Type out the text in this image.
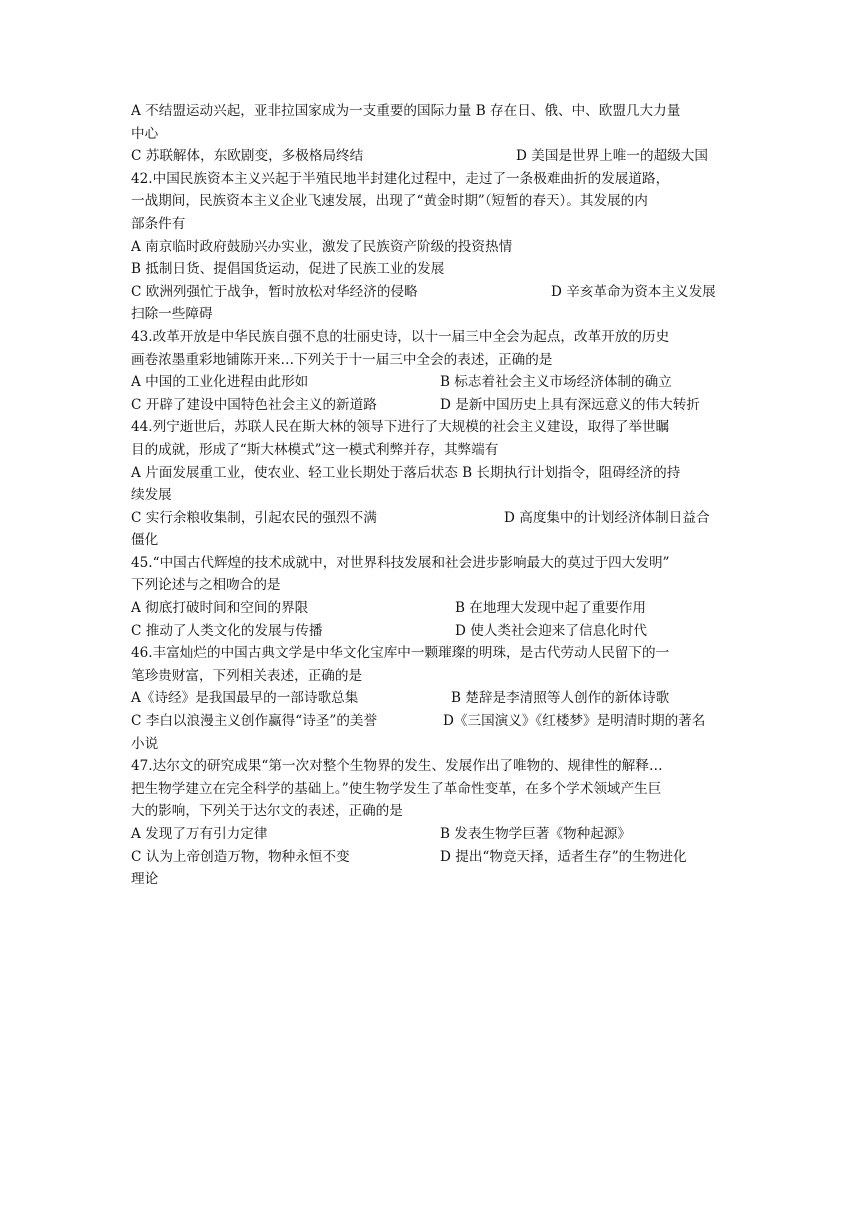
A 不结盟运动兴起，亚非拉国家成为一支重要的国际力量 B 存在日、俄、中、欧盟几大力量
中心
C 苏联解体，东欧剧变，多极格局终结	D 美国是世界上唯一的超级大国
42.中国民族资本主义兴起于半殖民地半封建化过程中，走过了一条极难曲折的发展道路，
一战期间，民族资本主义企业飞速发展，出现了“黄金时期”（短暂的春天）。其发展的内
部条件有
A 南京临时政府鼓励兴办实业，激发了民族资产阶级的投资热情
B 抵制日货、提倡国货运动，促进了民族工业的发展
C 欧洲列强忙于战争，暂时放松对华经济的侵略	D 辛亥革命为资本主义发展
扫除一些障碍
43.改革开放是中华民族自强不息的壮丽史诗，以十一届三中全会为起点，改革开放的历史
画卷浓墨重彩地铺陈开来…下列关于十一届三中全会的表述，正确的是
A 中国的工业化进程由此形如	B 标志着社会主义市场经济体制的确立
C 开辟了建设中国特色社会主义的新道路	D 是新中国历史上具有深远意义的伟大转折
44.列宁逝世后，苏联人民在斯大林的领导下进行了大规模的社会主义建设，取得了举世瞩
目的成就，形成了“斯大林模式”这一模式利弊并存，其弊端有
A 片面发展重工业，使农业、轻工业长期处于落后状态 B 长期执行计划指令，阻碍经济的持
续发展
C 实行余粮收集制，引起农民的强烈不满	D 高度集中的计划经济体制日益合
僵化
45.“中国古代辉煌的技术成就中，对世界科技发展和社会进步影响最大的莫过于四大发明”
下列论述与之相吻合的是
A 彻底打破时间和空间的界限	B 在地理大发现中起了重要作用
C 推动了人类文化的发展与传播	D 使人类社会迎来了信息化时代
46.丰富灿烂的中国古典文学是中华文化宝库中一颗璀璨的明珠，是古代劳动人民留下的一
笔珍贵财富，下列相关表述，正确的是
A《诗经》是我国最早的一部诗歌总集	B 楚辞是李清照等人创作的新体诗歌
C 李白以浪漫主义创作赢得“诗圣”的美誉	D《三国演义》《红楼梦》是明清时期的著名
小说
47.达尔文的研究成果“第一次对整个生物界的发生、发展作出了唯物的、规律性的解释…
把生物学建立在完全科学的基础上。”使生物学发生了革命性变革，在多个学术领域产生巨
大的影响，下列关于达尔文的表述，正确的是
A 发现了万有引力定律	B 发表生物学巨著《物种起源》
C 认为上帝创造万物，物种永恒不变	D 提出“物竞天择，适者生存”的生物进化
理论
